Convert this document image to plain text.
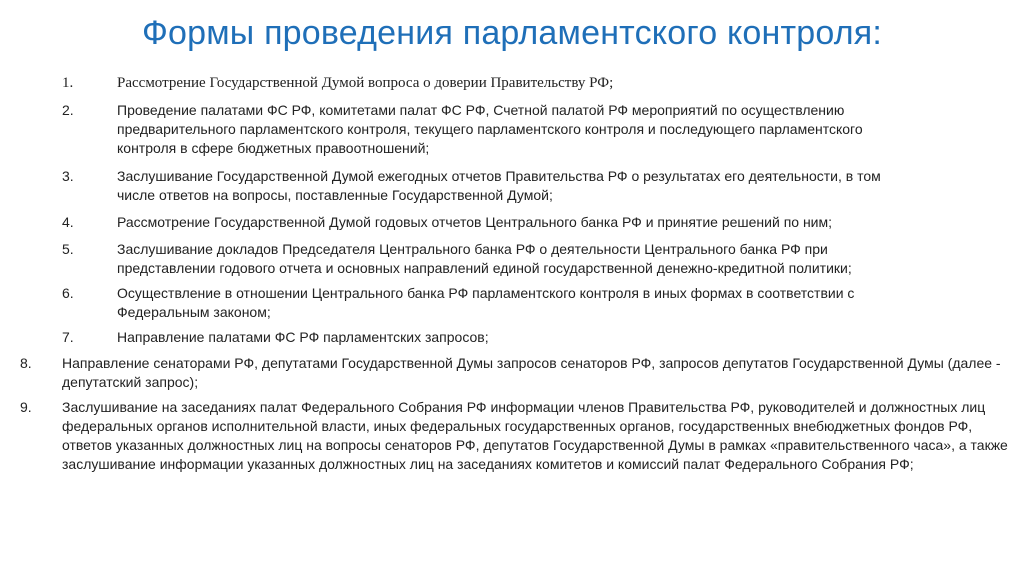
Формы проведения парламентского контроля:
1.	Рассмотрение Государственной Думой вопроса о доверии Правительству РФ;
2.	Проведение палатами ФС РФ, комитетами палат ФС РФ, Счетной палатой РФ мероприятий по осуществлению предварительного парламентского контроля, текущего парламентского контроля и последующего парламентского контроля в сфере бюджетных правоотношений;
3.	Заслушивание Государственной Думой ежегодных отчетов Правительства РФ о результатах его деятельности, в том числе ответов на вопросы, поставленные Государственной Думой;
4.	Рассмотрение Государственной Думой годовых отчетов Центрального банка РФ и принятие решений по ним;
5.	Заслушивание докладов Председателя Центрального банка РФ о деятельности Центрального банка РФ при представлении годового отчета и основных направлений единой государственной денежно-кредитной политики;
6.	Осуществление в отношении Центрального банка РФ парламентского контроля в иных формах в соответствии с Федеральным законом;
7.	Направление палатами ФС РФ парламентских запросов;
8. Направление сенаторами РФ, депутатами Государственной Думы запросов сенаторов РФ, запросов депутатов Государственной Думы (далее - депутатский запрос);
9. Заслушивание на заседаниях палат Федерального Собрания РФ информации членов Правительства РФ, руководителей и должностных лиц федеральных органов исполнительной власти, иных федеральных государственных органов, государственных внебюджетных фондов РФ, ответов указанных должностных лиц на вопросы сенаторов РФ, депутатов Государственной Думы в рамках «правительственного часа», а также заслушивание информации указанных должностных лиц на заседаниях комитетов и комиссий палат Федерального Собрания РФ;
